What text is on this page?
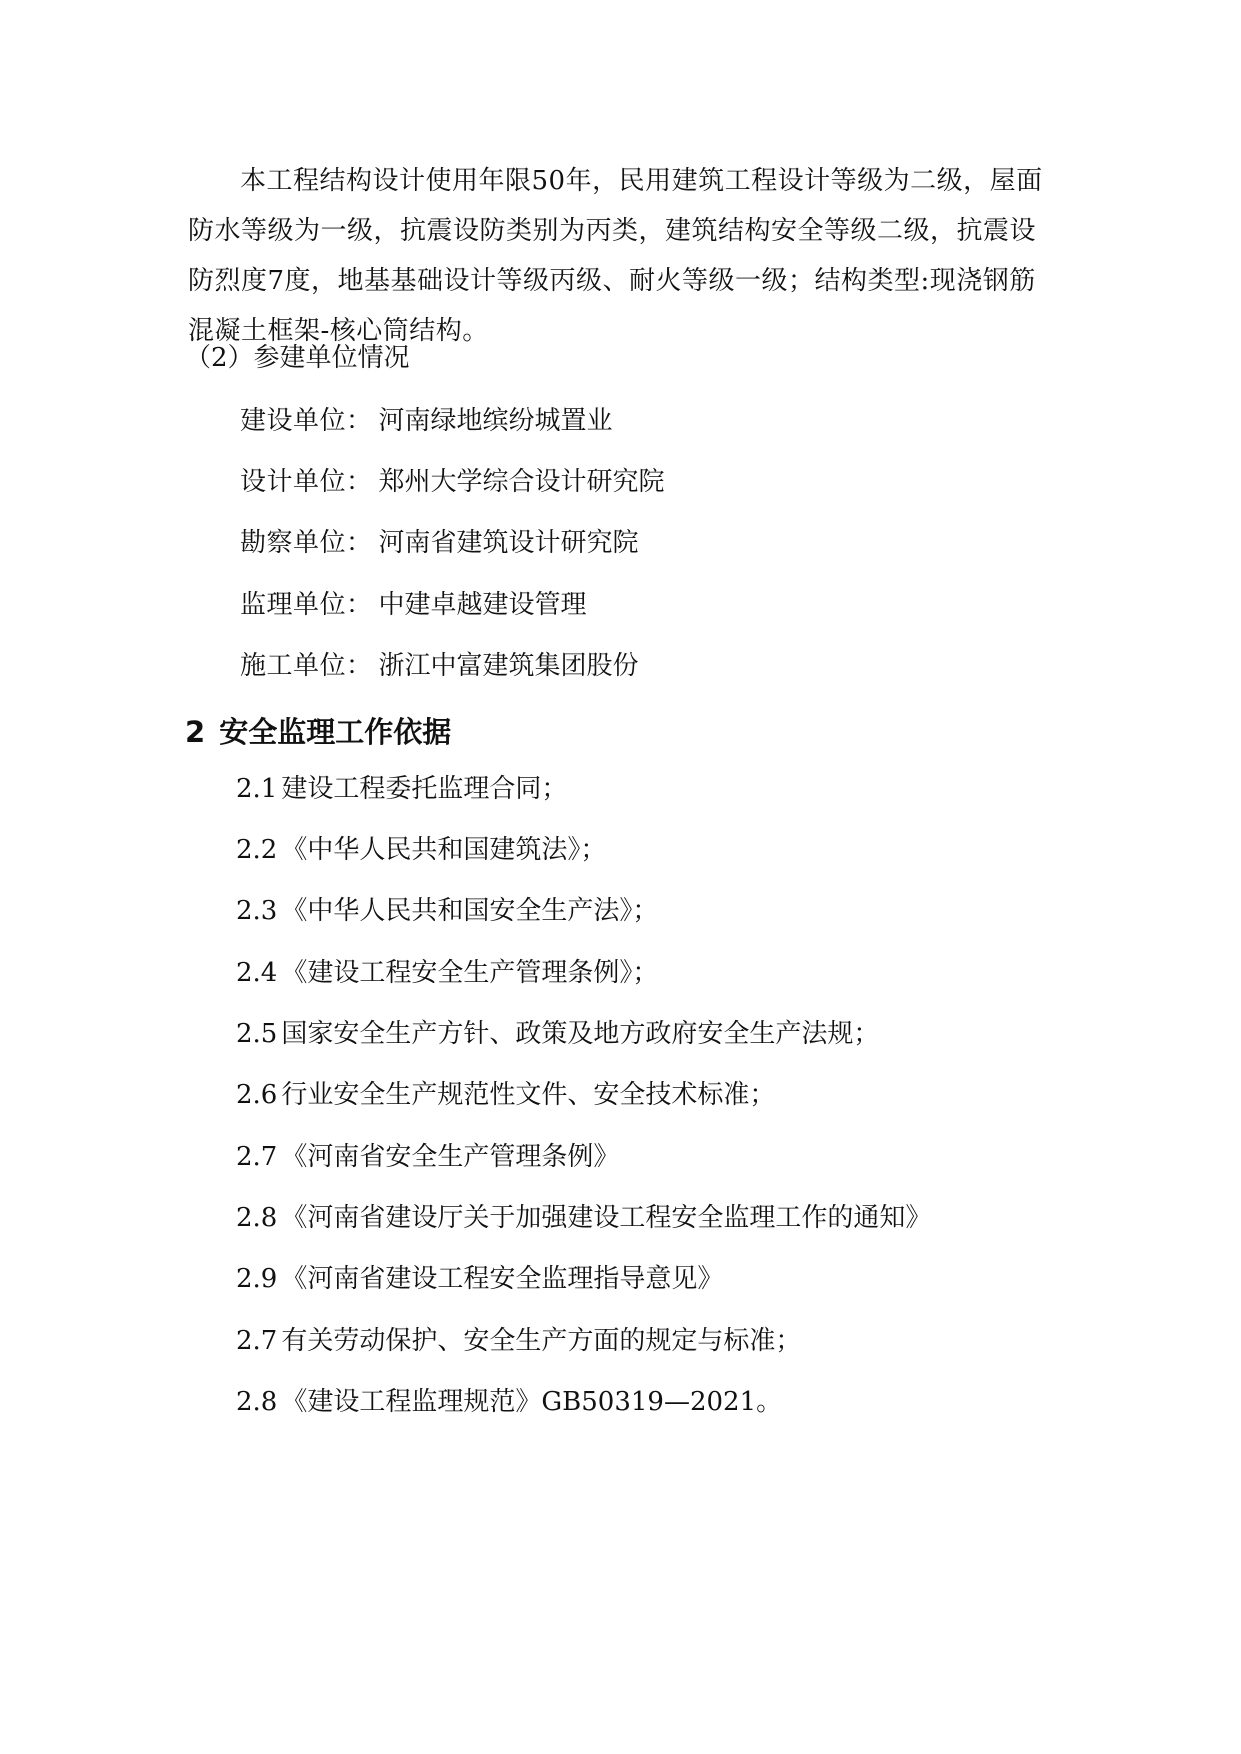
本工程结构设计使用年限50年，民用建筑工程设计等级为二级，屋面防水等级为一级，抗震设防类别为丙类，建筑结构安全等级二级，抗震设防烈度7度，地基基础设计等级丙级、耐火等级一级；结构类型:现浇钢筋混凝土框架-核心筒结构。

（2）参建单位情况

建设单位： 河南绿地缤纷城置业

设计单位： 郑州大学综合设计研究院

勘察单位： 河南省建筑设计研究院

监理单位： 中建卓越建设管理

施工单位： 浙江中富建筑集团股份

2 安全监理工作依据

2.1 建设工程委托监理合同；

2.2 《中华人民共和国建筑法》；

2.3 《中华人民共和国安全生产法》；

2.4 《建设工程安全生产管理条例》；

2.5 国家安全生产方针、政策及地方政府安全生产法规；

2.6 行业安全生产规范性文件、安全技术标准；

2.7 《河南省安全生产管理条例》

2.8 《河南省建设厅关于加强建设工程安全监理工作的通知》

2.9 《河南省建设工程安全监理指导意见》

2.7 有关劳动保护、安全生产方面的规定与标准；

2.8 《建设工程监理规范》GB50319—2021。
